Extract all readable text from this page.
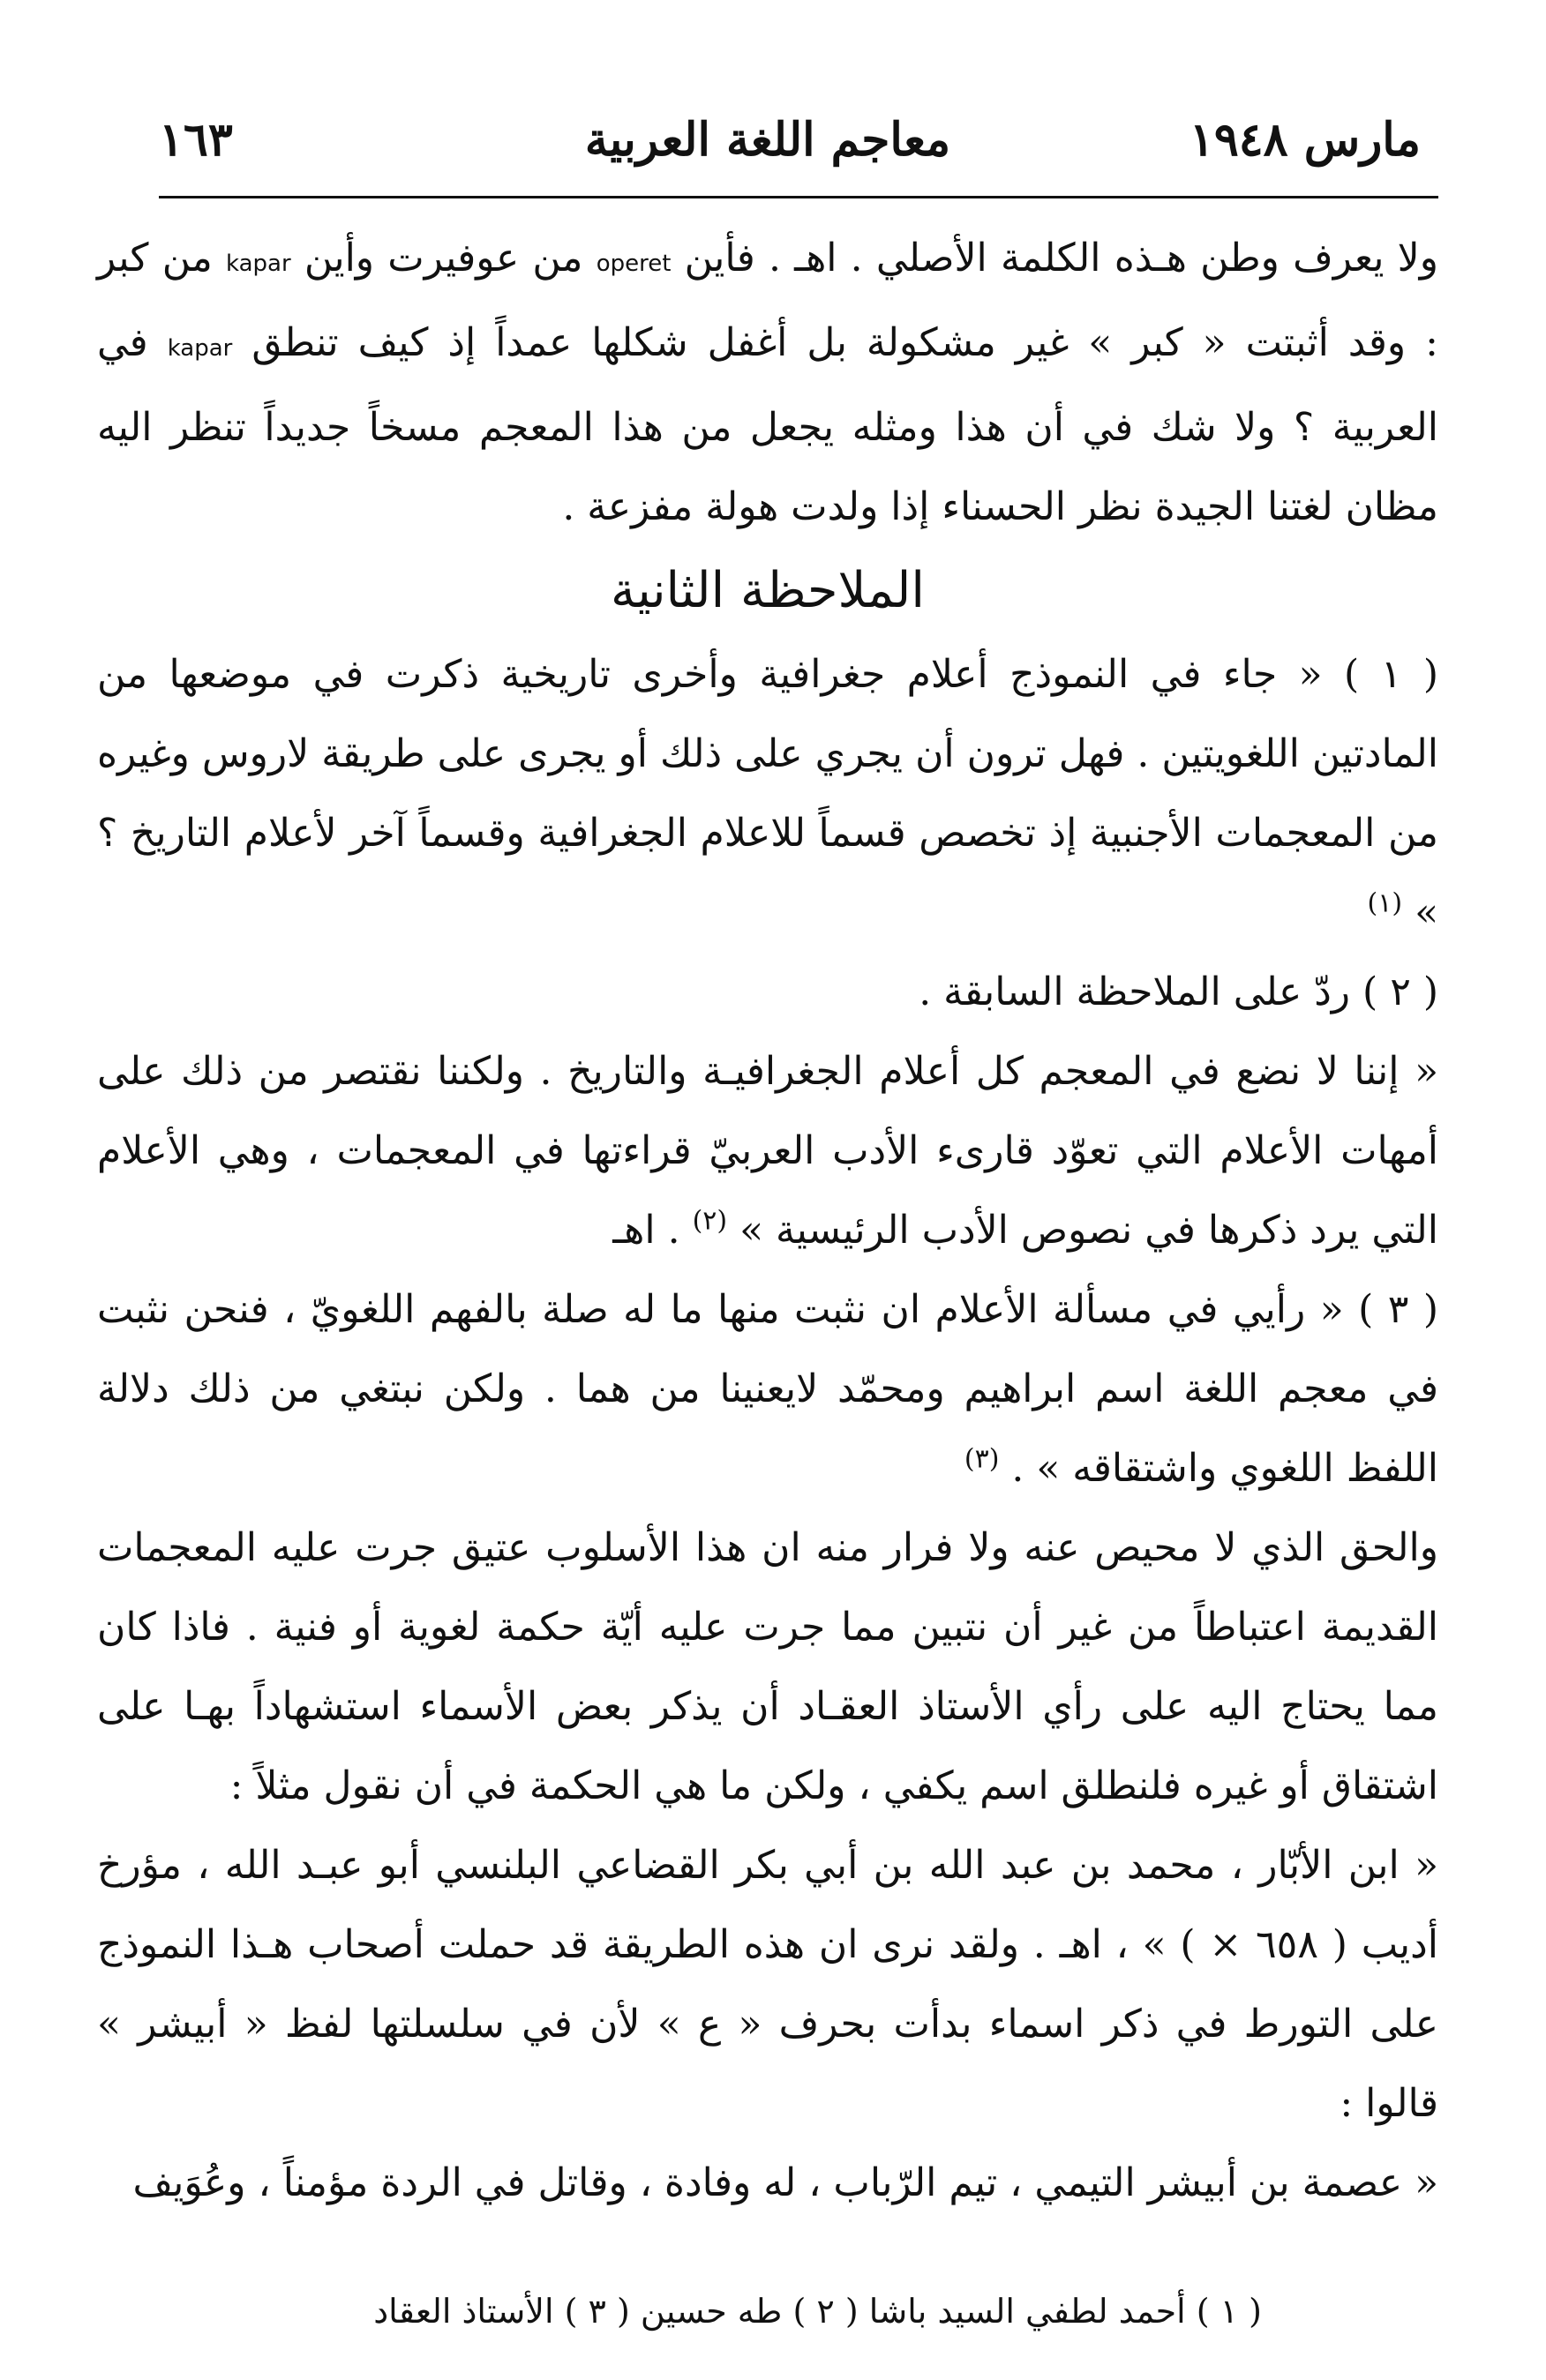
مارس ١٩٤٨
معاجم اللغة العربية
١٦٣

ولا يعرف وطن هـذه الكلمة الأصلي . اهـ . فأين operet من عوفيرت وأين kapar من كبر : وقد أثبتت « كبر » غير مشكولة بل أغفل شكلها عمداً إذ كيف تنطق kapar في العربية ؟ ولا شك في أن هذا ومثله يجعل من هذا المعجم مسخاً جديداً تنظر اليه مظان لغتنا الجيدة نظر الحسناء إذا ولدت هولة مفزعة .

الملاحظة الثانية

( ١ ) « جاء في النموذج أعلام جغرافية وأخرى تاريخية ذكرت في موضعها من المادتين اللغويتين . فهل ترون أن يجري على ذلك أو يجرى على طريقة لاروس وغيره من المعجمات الأجنبية إذ تخصص قسماً للاعلام الجغرافية وقسماً آخر لأعلام التاريخ ؟ » $^{(١)}$

( ٢ ) ردّ على الملاحظة السابقة .

« إننا لا نضع في المعجم كل أعلام الجغرافيـة والتاريخ . ولكننا نقتصر من ذلك على أمهات الأعلام التي تعوّد قارىء الأدب العربيّ قراءتها في المعجمات ، وهي الأعلام التي يرد ذكرها في نصوص الأدب الرئيسية » $^{(٢)}$ . اهـ

( ٣ ) « رأيي في مسألة الأعلام ان نثبت منها ما له صلة بالفهم اللغويّ ، فنحن نثبت في معجم اللغة اسم ابراهيم ومحمّد لايعنينا من هما . ولكن نبتغي من ذلك دلالة اللفظ اللغوي واشتقاقه » . $^{(٣)}$

والحق الذي لا محيص عنه ولا فرار منه ان هذا الأسلوب عتيق جرت عليه المعجمات القديمة اعتباطاً من غير أن نتبين مما جرت عليه أيّة حكمة لغوية أو فنية . فاذا كان مما يحتاج اليه على رأي الأستاذ العقـاد أن يذكر بعض الأسماء استشهاداً بهـا على اشتقاق أو غيره فلنطلق اسم يكفي ، ولكن ما هي الحكمة في أن نقول مثلاً :

« ابن الأبّار ، محمد بن عبد الله بن أبي بكر القضاعي البلنسي أبو عبـد الله ، مؤرخ أديب ( ٦٥٨ × ) » ، اهـ . ولقد نرى ان هذه الطريقة قد حملت أصحاب هـذا النموذج على التورط في ذكر اسماء بدأت بحرف « ع » لأن في سلسلتها لفظ « أبيشر » قالوا :

« عصمة بن أبيشر التيمي ، تيم الرّباب ، له وفادة ، وقاتل في الردة مؤمناً ، وعُوَيف

( ١ ) أحمد لطفي السيد باشا ( ٢ ) طه حسين ( ٣ ) الأستاذ العقاد
